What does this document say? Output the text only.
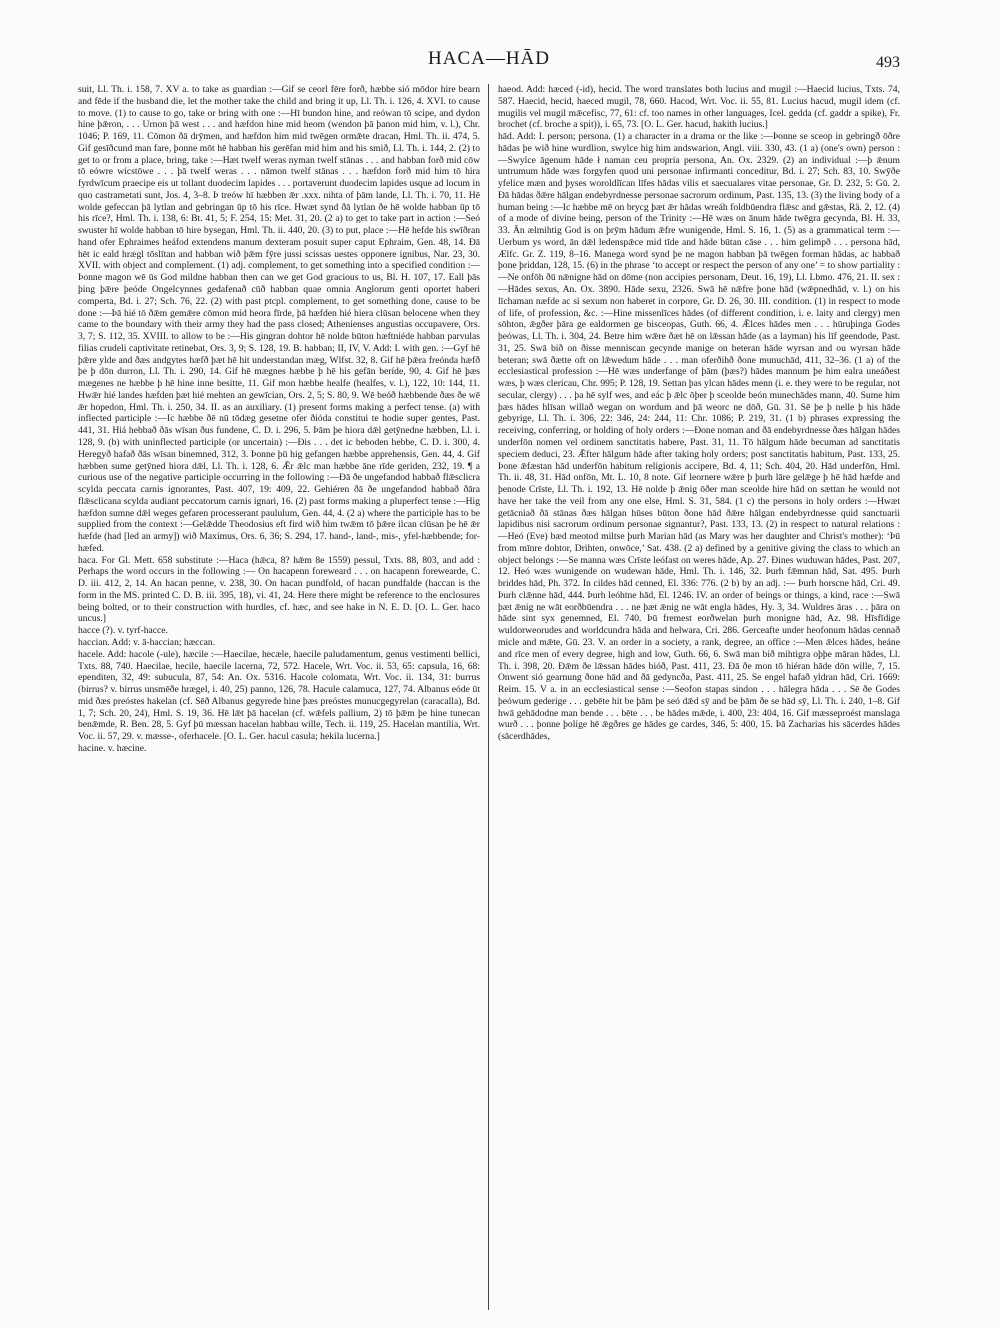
HACA—HĀD	493

suit, Ll. Th. i. 158, 7. XV a. to take as guardian :—Gif se ceorl fēre forð, hæbbe sió mōdor hire bearn and fēde if the husband die, let the mother take the child and bring it up, Ll. Th. i. 126, 4. XVI. to cause to move. (1) to cause to go, take or bring with one :—Hī bundon hine, and reówan tō scipe, and dydon hine þǣron, . . . Urnon þā west . . . and hæfdon hine mid heom (wendon þā þanon mid him, v. l.), Chr. 1046; P. 169, 11. Cōmon ðā drȳmen, and hæfdon him mid twēgen ormǣte dracan, Hml. Th. ii. 474, 5. Gif gesīðcund man fare, þonne mōt hē habban his gerēfan mid him and his smið, Ll. Th. i. 144, 2. (2) to get to or from a place, bring, take :—Hæt twelf weras nyman twelf stānas . . . and habban forð mid cōw tō eówre wícstōwe . . . þā twelf weras . . . nāmon twelf stānas . . . hæfdon forð mid him tō hira fyrdwīcum praecipe eis ut tollant duodecim lapides . . . portaverunt duodecim lapides usque ad locum in quo castrametati sunt, Jos. 4, 3–8. Þ treów hī hæbben ǣr .xxx. nihta of þām lande, Ll. Th. i. 70, 11. Hē wolde gefeccan þā lytlan and gebringan ūp tō his rīce. Hwæt synd ðā lytlan ðe hē wolde habban ūp tō his rīce?, Hml. Th. i. 138, 6: Bt. 41, 5; F. 254, 15: Met. 31, 20. (2 a) to get to take part in action :—Seó swuster hī wolde habban tō hire bysegan, Hml. Th. ii. 440, 20. (3) to put, place :—Hē hefde his swīðran hand ofer Ephraimes heáfod extendens manum dexteram posuit super caput Ephraim, Gen. 48, 14. Ðā hēt ic eald hrægl tōslītan and habban wið þǣm fȳre jussi scissas uestes opponere ignibus, Nar. 23, 30. XVII. with object and complement. (1) adj. complement, to get something into a specified condition :—Þonne magon wē ūs God mildne habban then can we get God gracious to us, Bl. H. 107, 17. Eall þās þing þǣre þeóde Ongelcynnes gedafenað cūð habban quae omnia Anglorum genti oportet haberi comperta, Bd. i. 27; Sch. 76, 22. (2) with past ptcpl. complement, to get something done, cause to be done :—Þā hié tō ðǣm gemǣre cōmon mid heora fīrde, þā hæfden hié hiera clūsan belocene when they came to the boundary with their army they had the pass closed; Athenienses angustias occupavere, Ors. 3, 7; S. 112, 35. XVIII. to allow to be :—His gingran dohtor hē nolde būton hæftniéde habban parvulas filias crudeli captivitate retinebat, Ors. 3, 9; S. 128, 19. B. habban; II, IV, V. Add: I. with gen. :—Gyf hē þǣre ylde and ðæs andgytes hæfð þæt hē hit understandan mæg, Wlfst. 32, 8. Gif hē þǣra freónda hæfð þe þ dōn durron, Ll. Th. i. 290, 14. Gif hē mægnes hæbbe þ hē his gefān beríde, 90, 4. Gif hē þæs mægenes ne hæbbe þ hē hine inne besitte, 11. Gif mon hæbbe healfe (healfes, v. l.), 122, 10: 144, 11. Hwǣr hié landes hæfden þæt hié mehten an gewīcian, Ors. 2, 5; S. 80, 9. Wē beóð hæbbende ðæs ðe wē ǣr hopedon, Hml. Th. i. 250, 34. II. as an auxiliary. (1) present forms making a perfect tense. (a) with inflected participle :—Ic hæbbe ðē nū tōdæg gesetne ofer ðióda constitui te hodie super gentes, Past. 441, 31. Hiá hebbað ðās wīsan ðus fundene, C. D. i. 296, 5. Þām þe hiora dǣl getȳnedne hæbben, Ll. i. 128, 9. (b) with uninflected participle (or uncertain) :—Ðis . . . det ic beboden hebbe, C. D. i. 300, 4. Heregyð hafað ðās wīsan binemned, 312, 3. Þonne þū hig gefangen hæbbe apprehensis, Gen. 44, 4. Gif hæbben sume getȳned hiora dǣl, Ll. Th. i. 128, 6. Ǣr ǣlc man hæbbe āne rīde geriden, 232, 19. ¶ a curious use of the negative participle occurring in the following :—Ðā ðe ungefandod habbað flǣsclicra scylda peccata carnis ignorantes, Past. 407, 19: 409, 22. Gehiéren ðā ðe ungefandod habbað ðāra flǣsclicana scylda audiant peccatorum carnis ignari, 16. (2) past forms making a pluperfect tense :—Hig hæfdon sumne dǣl weges gefaren processerant paululum, Gen. 44, 4. (2 a) where the participle has to be supplied from the context :—Gelǣdde Theodosius eft fird wið him twǣm tō þǣre ilcan clūsan þe hē ǣr hæfde (had [led an army]) wið Maximus, Ors. 6, 36; S. 294, 17. hand-, land-, mis-, yfel-hæbbende; for-hæfed.

haca. For Gl. Mett. 658 substitute :—Haca (hǣca, 8? hǣm 8e 1559) pessul, Txts. 88, 803, and add : Perhaps the word occurs in the following :— On hacapenn foreweard . . . on hacapenn forewearde, C. D. iii. 412, 2, 14. An hacan penne, v. 238, 30. On hacan pundfold, of hacan pundfalde (haccan is the form in the MS. printed C. D. B. iii. 395, 18), vi. 41, 24. Here there might be reference to the enclosures being bolted, or to their construction with hurdles, cf. hæc, and see hake in N. E. D. [O. L. Ger. haco uncus.]

hacce (?). v. tyrf-hacce.

haccian. Add: v. ā-haccian; hæccan.

hacele. Add: hacole (-ule), hæcile :—Haecilae, hecæle, haecile paludamentum, genus vestimenti bellici, Txts. 88, 740. Haecilae, hecile, haecile lacerna, 72, 572. Hacele, Wrt. Voc. ii. 53, 65: capsula, 16, 68: ependiten, 32, 49: subucula, 87, 54: An. Ox. 5316. Hacole colomata, Wrt. Voc. ii. 134, 31: burrus (birrus? v. birrus unsmēðe hrægel, i. 40, 25) panno, 126, 78. Hacule calamuca, 127, 74. Albanus eóde ūt mid ðæs preóstes hakelan (cf. Sēð Albanus gegyrede hine þæs preóstes munucgegyrelan (caracalla), Bd. 1, 7; Sch. 20, 24), Hml. S. 19, 36. Hē lǣt þā hacelan (cf. wǣfels pallium, 2) tō þǣm þe hine tunecan benǣmde, R. Ben. 28, 5. Gyf þū mæssan hacelan habbau wille, Tech. ii. 119, 25. Hacelan mantilia, Wrt. Voc. ii. 57, 29. v. mæsse-, oferhacele. [O. L. Ger. hacul casula; hekila lucerna.]

hacine. v. hæcine.

haeod. Add: hæced (-id), hecid. The word translates both lucius and mugil :—Haecid lucius, Txts. 74, 587. Haecid, hecid, haeced mugil, 78, 660. Hacod, Wrt. Voc. ii. 55, 81. Lucius hacud, mugil idem (cf. mugilis vel mugil mǣcefisc, 77, 61: cf. too names in other languages, Icel. gedda (cf. gaddr a spike), Fr. brochet (cf. broche a spit)), i. 65, 73. [O. L. Ger. hacud, hakith lucius.]

hād. Add: I. person; persona. (1) a character in a drama or the like :—Þonne se sceop in gebringð ōðre hādas þe wið hine wurdlion, swylce hig him andswarion, Angl. viii. 330, 43. (1 a) (one's own) person :—Swylce āgenum hāde ł naman ceu propria persona, An. Ox. 2329. (2) an individual :—þ ǣnum untrumum hāde wæs forgyfen quod uni personae infirmanti conceditur, Bd. i. 27; Sch. 83, 10. Swȳðe yfelice mæn and þyses woroldlīcan līfes hādas vilis et saecualares vitae personae, Gr. D. 232, 5: Gū. 2. Ðā hādas ðǣre hālgan endebyrdnesse personae sacrorum ordinum, Past. 135, 13. (3) the living body of a human being :—Ic hæbbe mē on brycg þæt ǣr hādas wreáh foldbūendra flǣsc and gǣstas, Rä. 2, 12. (4) of a mode of divine being, person of the Trinity :—Hē wæs on ānum hāde twēgra gecynda, Bl. H. 33, 33. Ān ælmihtig God is on þrȳm hādum ǣfre wunigende, Hml. S. 16, 1. (5) as a grammatical term :—Uerbum ys word, ān dǣl ledenspǣce mid tīde and hāde būtan cāse . . . him gelimpð . . . persona hād, Ælfc. Gr. Z. 119, 8–16. Manega word synd þe ne magon habban þā twēgen forman hādas, ac habbað þone þriddan, 128, 15. (6) in the phrase ‘to accept or respect the person of any one’ = to show partiality :—Ne onfōh ðū nǣnigne hād on dōme (non accipies personam, Deut. 16, 19), Ll. Lbmo. 476, 21. II. sex :—Hādes sexus, An. Ox. 3890. Hāde sexu, 2326. Swā hē nǣfre þone hād (wǣpnedhād, v. l.) on his līchaman næfde ac si sexum non haberet in corpore, Gr. D. 26, 30. III. condition. (1) in respect to mode of life, of profession, &c. :—Hine missenlīces hādes (of different condition, i. e. laity and clergy) men sōhton, ǣgðer þāra ge ealdormen ge bisceopas, Guth. 66, 4. Ǣlces hādes men . . . hūruþinga Godes þeówas, Ll. Th. i. 304, 24. Betre him wǣre ðæt hē on lǣssan hāde (as a layman) his līf geendode, Past. 31, 25. Swā bið on ðisse menniscan gecynde manige on beteran hāde wyrsan and ou wyrsan hāde beteran; swā ðætte oft on lǣwedum hāde . . . man oferðihð ðone munuchād, 411, 32–36. (1 a) of the ecclesiastical profession :—Hē wæs underfange of þām (þæs?) hādes mannum þe him ealra uneáðest wæs, þ wæs clericau, Chr. 995; P. 128, 19. Settan þas ylcan hādes menn (i. e. they were to be regular, not secular, clergy) . . . þa hē sylf wes, and eác þ ǣlc ōþer þ sceolde beón munechādes mann, 40. Sume him þæs hādes hlīsan willað wegan on wordum and þā weorc ne dōð, Gū. 31. Sē þe þ nelle þ his hāde gebyrige, Ll. Th. i. 306, 22: 346, 24: 244, 11: Chr. 1086; P. 219, 31. (1 b) phrases expressing the receiving, conferring, or holding of holy orders :—Ðone noman and ðā endebyrdnesse ðæs hālgan hādes underfōn nomen vel ordinem sanctitatis habere, Past. 31, 11. Tō hālgum hāde becuman ad sanctitatis speciem deduci, 23. Ǣfter hālgum hāde after taking holy orders; post sanctitatis habitum, Past. 133, 25. Þone ǣfæstan hād underfōn habitum religionis accipere, Bd. 4, 11; Sch. 404, 20. Hād underfōn, Hml. Th. ii. 48, 31. Hād onfōn, Mt. L. 10, 8 note. Gif leornere wǣre þ þurh lāre gelǣge þ hē hād hæfde and þenode Crīste, Ll. Th. i. 192, 13. Hē nolde þ ǣnig ōðer man sceolde hire hād on sættan he would not have her take the veil from any one else, Hml. S. 31, 584. (1 c) the persons in holy orders :—Hwæt getācniað ðā stānas ðæs hālgan hūses būton ðone hād ðǣre hālgan endebyrdnesse quid sanctuarii lapidibus nisi sacrorum ordinum personae signantur?, Past. 133, 13. (2) in respect to natural relations :—Heó (Eve) bæd meotod miltse þurh Marian hād (as Mary was her daughter and Christ's mother): ‘Þū from mīnre dohtor, Drihten, onwōce,’ Sat. 438. (2 a) defined by a genitive giving the class to which an object belongs :—Se manna wæs Crīste leófast on weres hāde, Ap. 27. Ðines wuduwan hādes, Past. 207, 12. Heó wæs wunigende on wudewan hāde, Hml. Th. i. 146, 32. Þurh fǣmnan hād, Sat. 495. Þurh briddes hād, Ph. 372. In cildes hād cenned, El. 336: 776. (2 b) by an adj. :— Þurh horscne hād, Cri. 49. Þurh clǣnne hād, 444. Þurh leóhtne hād, El. 1246. IV. an order of beings or things, a kind, race :—Swā þæt ǣnig ne wāt eorðbūendra . . . ne þæt ǣnig ne wāt engla hādes, Hy. 3, 34. Wuldres āras . . . þāra on hāde sint syx genemned, El. 740. Þū fremest eorðwelan þurh monigne hād, Az. 98. Hīsfīdige wuldorweorudes and worldcundra hāda and helwara, Cri. 286. Gerceafte under heofonum hādas cennað micle and mǣte, Gū. 23. V. an order in a society, a rank, degree, an office :—Men ǣlces hādes, heáne and rīce men of every degree, high and low, Guth. 66, 6. Swā man bið mihtigra oþþe māran hādes, Ll. Th. i. 398, 20. Ðǣm ðe lǣssan hādes bióð, Past. 411, 23. Ðā ðe mon tō hiéran hāde dōn wille, 7, 15. Onwent sió gearnung ðone hād and ðā gedyncða, Past. 411, 25. Se engel hafað yldran hād, Cri. 1669: Reim. 15. V a. in an ecclesiastical sense :—Seofon stapas sindon . . . hālegra hāda . . . Sē ðe Godes þeówum gederige . . . gebēte hit be þām þe seó dǣd sȳ and be þām ðe se hād sȳ, Ll. Th. i. 240, 1–8. Gif hwā gehādodne man bende . . . bēte . . . be hādes mǣde, i. 400, 23: 404, 16. Gif mæsseproést manslaga wurð . . . þonne þolige hē ǣgðres ge hādes ge cardes, 346, 5: 400, 15. Þā Zacharias his sācerdes hādes (sācerdhādes,
